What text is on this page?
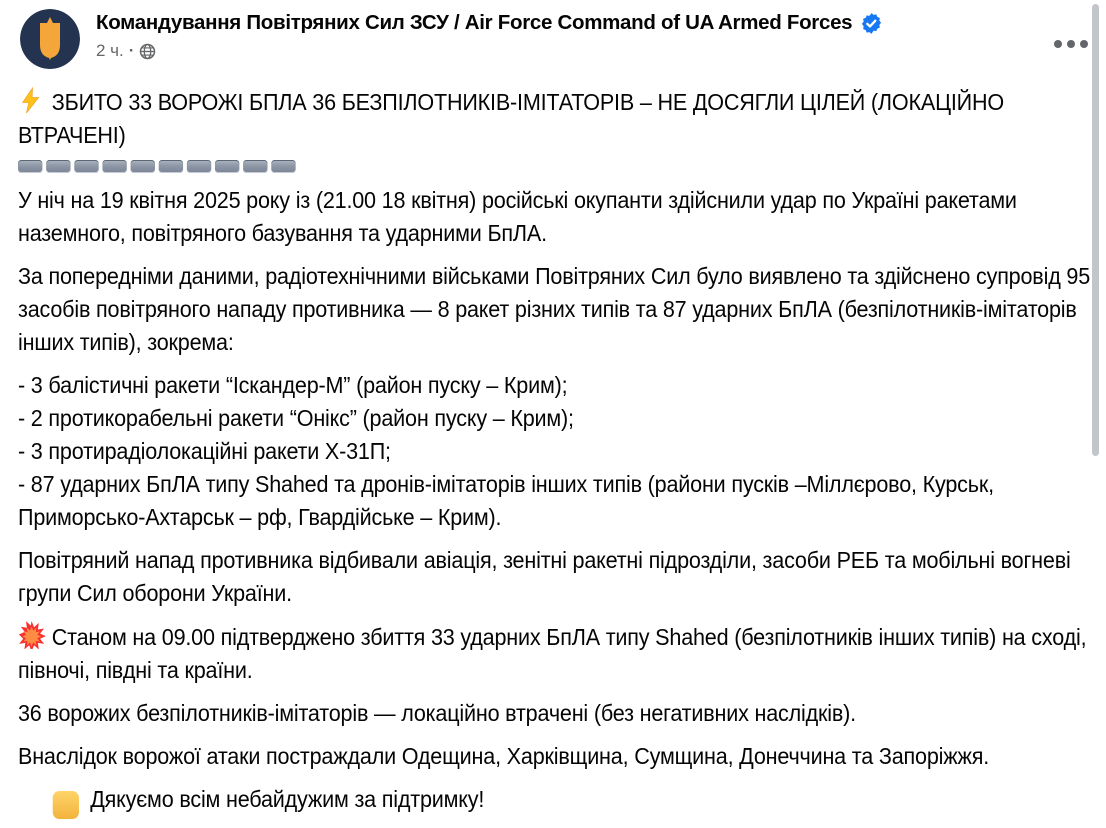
Командування Повітряних Сил ЗСУ / Air Force Command of UA Armed Forces
2 ч. ·
ЗБИТО 33 ВОРОЖІ БПЛА 36 БЕЗПІЛОТНИКІВ-ІМІТАТОРІВ – НЕ ДОСЯГЛИ ЦІЛЕЙ (ЛОКАЦІЙНО ВТРАЧЕНІ)
У ніч на 19 квітня 2025 року із (21.00 18 квітня) російські окупанти здійснили удар по Україні ракетами наземного, повітряного базування та ударними БпЛА.
За попередніми даними, радіотехнічними військами Повітряних Сил було виявлено та здійснено супровід 95 засобів повітряного нападу противника — 8 ракет різних типів та 87 ударних БпЛА (безпілотників-імітаторів інших типів), зокрема:
- 3 балістичні ракети “Іскандер-М” (район пуску – Крим);
- 2 протикорабельні ракети “Онікс” (район пуску – Крим);
- 3 протирадіолокаційні ракети Х-31П;
- 87 ударних БпЛА типу Shahed та дронів-імітаторів інших типів (райони пусків –Міллєрово, Курськ, Приморсько-Ахтарськ – рф, Гвардійське – Крим).
Повітряний напад противника відбивали авіація, зенітні ракетні підрозділи, засоби РЕБ та мобільні вогневі групи Сил оборони України.
Станом на 09.00 підтверджено збиття 33 ударних БпЛА типу Shahed (безпілотників інших типів) на сході, півночі, півдні та країни.
36 ворожих безпілотників-імітаторів — локаційно втрачені (без негативних наслідків).
Внаслідок ворожої атаки постраждали Одещина, Харківщина, Сумщина, Донеччина та Запоріжжя.
Дякуємо всім небайдужим за підтримку!
